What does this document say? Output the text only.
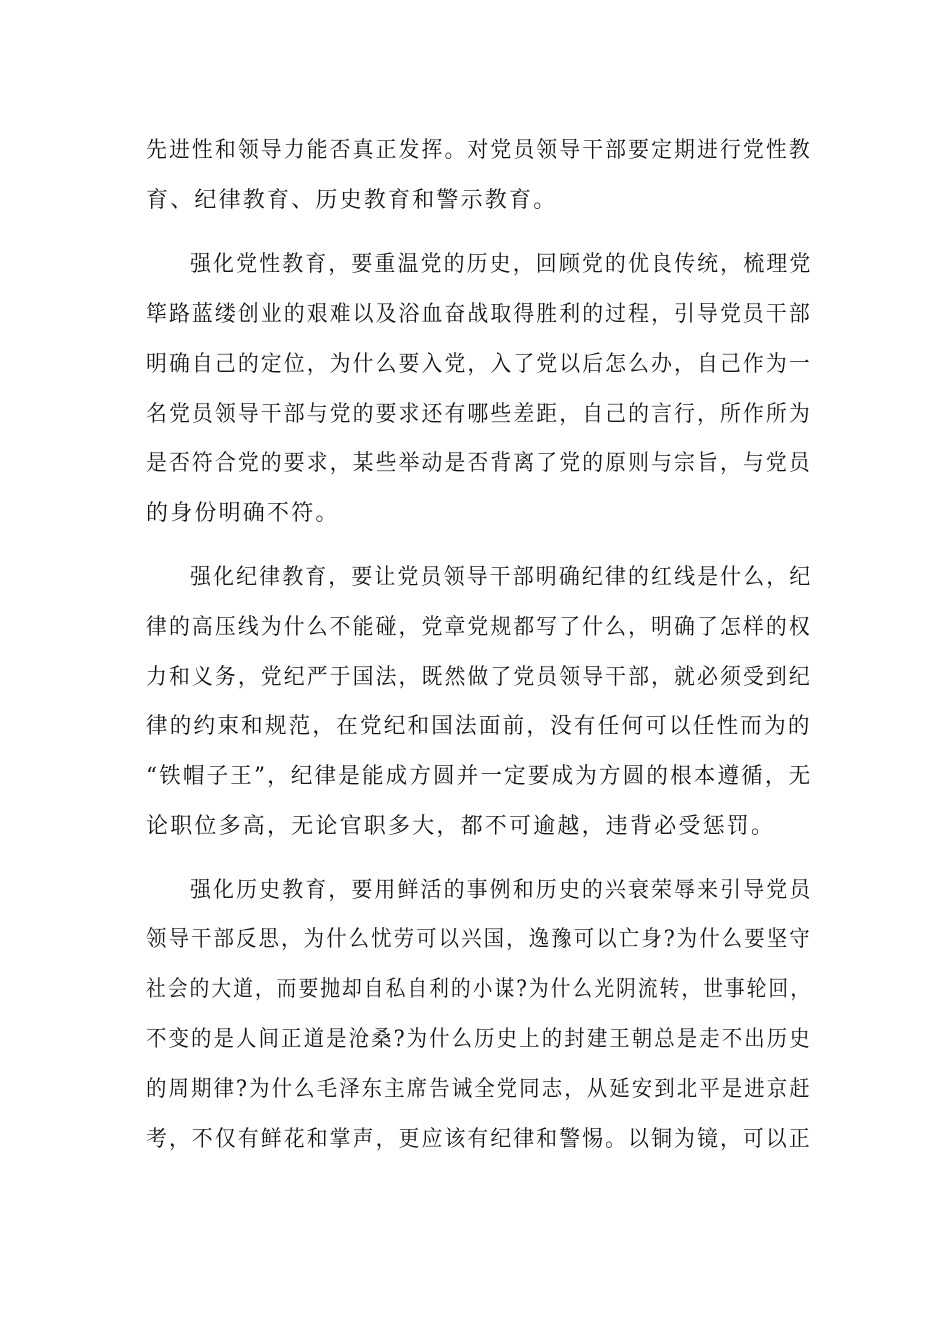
先进性和领导力能否真正发挥。对党员领导干部要定期进行党性教
育、纪律教育、历史教育和警示教育。
强化党性教育，要重温党的历史，回顾党的优良传统，梳理党
筚路蓝缕创业的艰难以及浴血奋战取得胜利的过程，引导党员干部
明确自己的定位，为什么要入党，入了党以后怎么办，自己作为一
名党员领导干部与党的要求还有哪些差距，自己的言行，所作所为
是否符合党的要求，某些举动是否背离了党的原则与宗旨，与党员
的身份明确不符。
强化纪律教育，要让党员领导干部明确纪律的红线是什么，纪
律的高压线为什么不能碰，党章党规都写了什么，明确了怎样的权
力和义务，党纪严于国法，既然做了党员领导干部，就必须受到纪
律的约束和规范，在党纪和国法面前，没有任何可以任性而为的
“铁帽子王”，纪律是能成方圆并一定要成为方圆的根本遵循，无
论职位多高，无论官职多大，都不可逾越，违背必受惩罚。
强化历史教育，要用鲜活的事例和历史的兴衰荣辱来引导党员
领导干部反思，为什么忧劳可以兴国，逸豫可以亡身?为什么要坚守
社会的大道，而要抛却自私自利的小谋?为什么光阴流转，世事轮回，
不变的是人间正道是沧桑?为什么历史上的封建王朝总是走不出历史
的周期律?为什么毛泽东主席告诫全党同志，从延安到北平是进京赶
考，不仅有鲜花和掌声，更应该有纪律和警惕。以铜为镜，可以正
